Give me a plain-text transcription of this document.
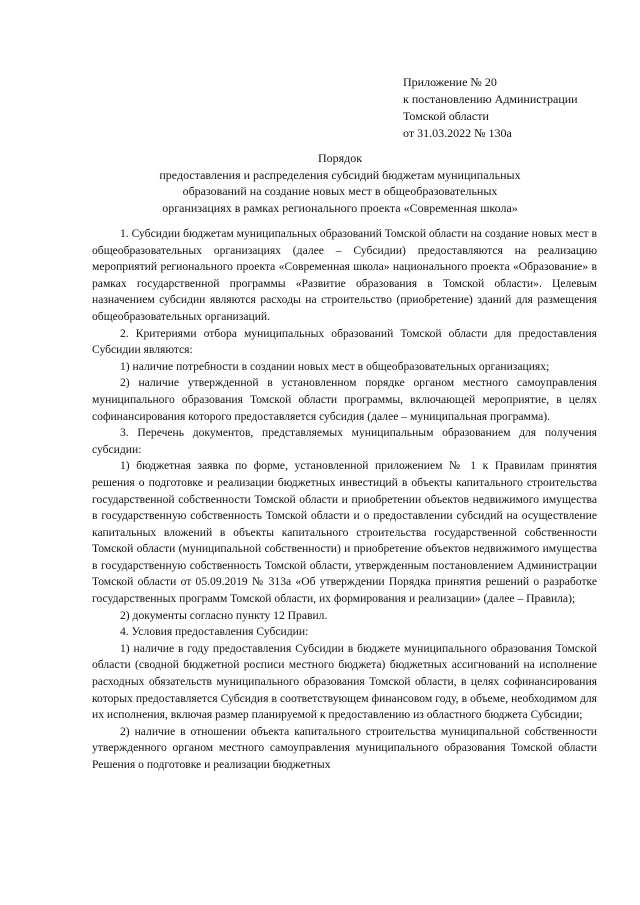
Приложение № 20
к постановлению Администрации
Томской области
от 31.03.2022 № 130а
Порядок
предоставления и распределения субсидий бюджетам муниципальных
образований на создание новых мест в общеобразовательных
организациях в рамках регионального проекта «Современная школа»

1. Субсидии бюджетам муниципальных образований Томской области на создание новых мест в общеобразовательных организациях (далее – Субсидии) предоставляются на реализацию мероприятий регионального проекта «Современная школа» национального проекта «Образование» в рамках государственной программы «Развитие образования в Томской области». Целевым назначением субсидии являются расходы на строительство (приобретение) зданий для размещения общеобразовательных организаций.

2. Критериями отбора муниципальных образований Томской области для предоставления Субсидии являются:

1) наличие потребности в создании новых мест в общеобразовательных организациях;

2) наличие утвержденной в установленном порядке органом местного самоуправления муниципального образования Томской области программы, включающей мероприятие, в целях софинансирования которого предоставляется субсидия (далее – муниципальная программа).

3. Перечень документов, представляемых муниципальным образованием для получения субсидии:

1) бюджетная заявка по форме, установленной приложением № 1 к Правилам принятия решения о подготовке и реализации бюджетных инвестиций в объекты капитального строительства государственной собственности Томской области и приобретении объектов недвижимого имущества в государственную собственность Томской области и о предоставлении субсидий на осуществление капитальных вложений в объекты капитального строительства государственной собственности Томской области (муниципальной собственности) и приобретение объектов недвижимого имущества в государственную собственность Томской области, утвержденным постановлением Администрации Томской области от 05.09.2019 № 313а «Об утверждении Порядка принятия решений о разработке государственных программ Томской области, их формирования и реализации» (далее – Правила);

2) документы согласно пункту 12 Правил.

4. Условия предоставления Субсидии:

1) наличие в году предоставления Субсидии в бюджете муниципального образования Томской области (сводной бюджетной росписи местного бюджета) бюджетных ассигнований на исполнение расходных обязательств муниципального образования Томской области, в целях софинансирования которых предоставляется Субсидия в соответствующем финансовом году, в объеме, необходимом для их исполнения, включая размер планируемой к предоставлению из областного бюджета Субсидии;

2) наличие в отношении объекта капитального строительства муниципальной собственности утвержденного органом местного самоуправления муниципального образования Томской области Решения о подготовке и реализации бюджетных
